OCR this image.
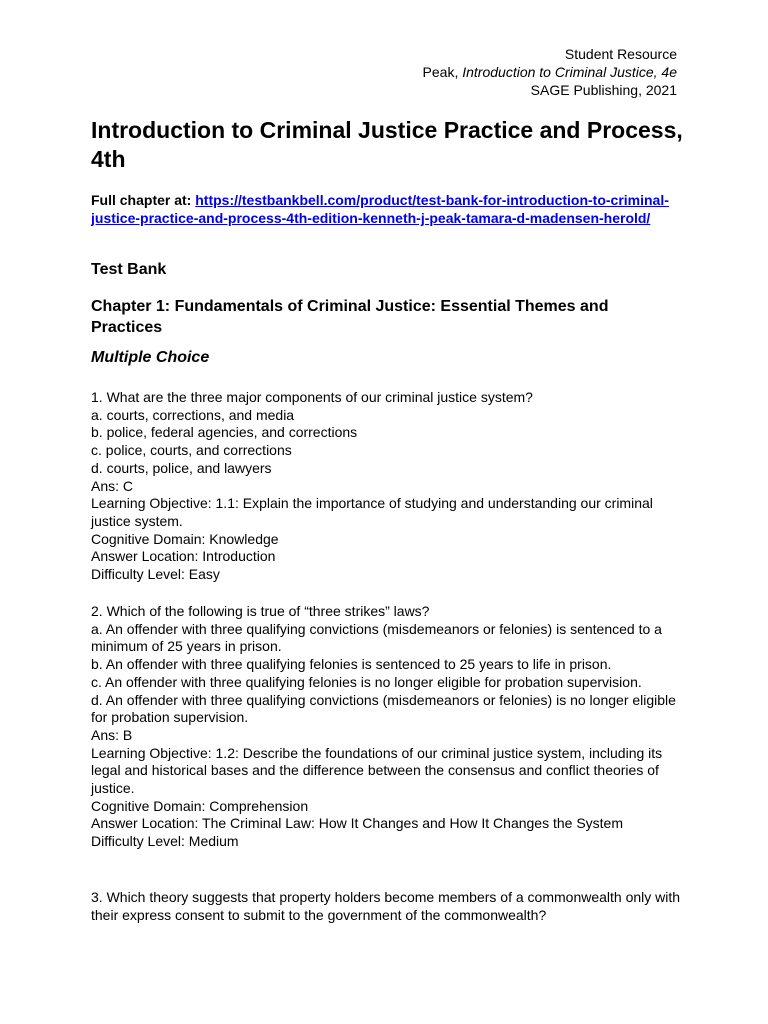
Student Resource
Peak, Introduction to Criminal Justice, 4e
SAGE Publishing, 2021
Introduction to Criminal Justice Practice and Process, 4th
Full chapter at: https://testbankbell.com/product/test-bank-for-introduction-to-criminal-justice-practice-and-process-4th-edition-kenneth-j-peak-tamara-d-madensen-herold/
Test Bank
Chapter 1: Fundamentals of Criminal Justice: Essential Themes and Practices
Multiple Choice
1. What are the three major components of our criminal justice system?
a. courts, corrections, and media
b. police, federal agencies, and corrections
c. police, courts, and corrections
d. courts, police, and lawyers
Ans: C
Learning Objective: 1.1: Explain the importance of studying and understanding our criminal justice system.
Cognitive Domain: Knowledge
Answer Location: Introduction
Difficulty Level: Easy
2. Which of the following is true of “three strikes” laws?
a. An offender with three qualifying convictions (misdemeanors or felonies) is sentenced to a minimum of 25 years in prison.
b. An offender with three qualifying felonies is sentenced to 25 years to life in prison.
c. An offender with three qualifying felonies is no longer eligible for probation supervision.
d. An offender with three qualifying convictions (misdemeanors or felonies) is no longer eligible for probation supervision.
Ans: B
Learning Objective: 1.2: Describe the foundations of our criminal justice system, including its legal and historical bases and the difference between the consensus and conflict theories of justice.
Cognitive Domain: Comprehension
Answer Location: The Criminal Law: How It Changes and How It Changes the System
Difficulty Level: Medium
3. Which theory suggests that property holders become members of a commonwealth only with their express consent to submit to the government of the commonwealth?
